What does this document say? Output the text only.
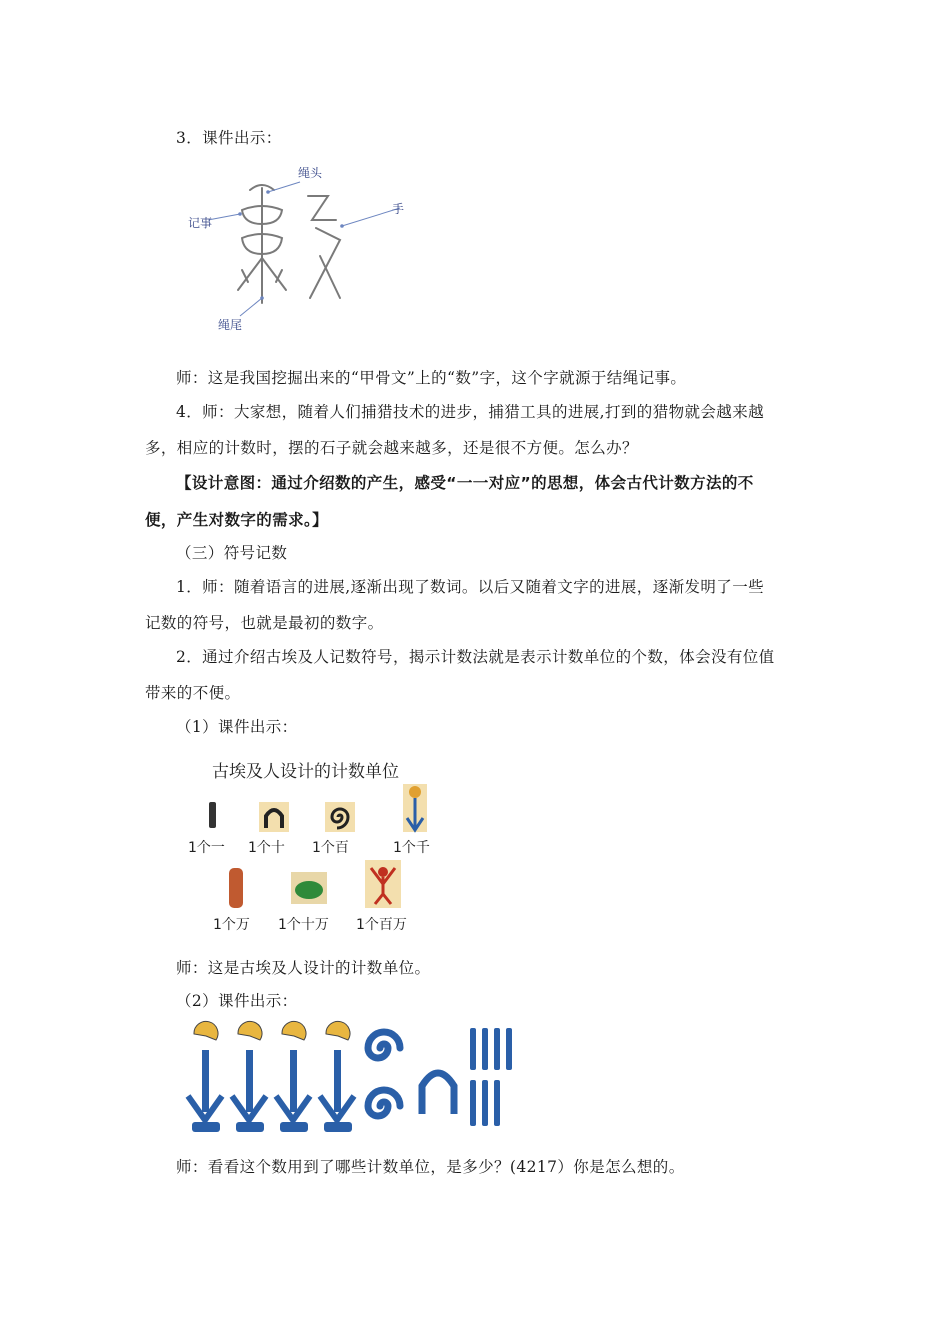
3．课件出示：
绳头
记事
手
绳尾
师：这是我国挖掘出来的“甲骨文”上的“数”字，这个字就源于结绳记事。
4．师：大家想，随着人们捕猎技术的进步，捕猎工具的进展,打到的猎物就会越来越
多，相应的计数时，摆的石子就会越来越多，还是很不方便。怎么办？
【设计意图：通过介绍数的产生，感受“一一对应”的思想，体会古代计数方法的不
便，产生对数字的需求。】
（三）符号记数
1．师：随着语言的进展,逐渐出现了数词。以后又随着文字的进展，逐渐发明了一些
记数的符号，也就是最初的数字。
2．通过介绍古埃及人记数符号，揭示计数法就是表示计数单位的个数，体会没有位值
带来的不便。
（1）课件出示：
古埃及人设计的计数单位
1个一 1个十 1个百	1个千
1个万 1个十万 1个百万
师：这是古埃及人设计的计数单位。
（2）课件出示：
师：看看这个数用到了哪些计数单位，是多少？(4217）你是怎么想的。
